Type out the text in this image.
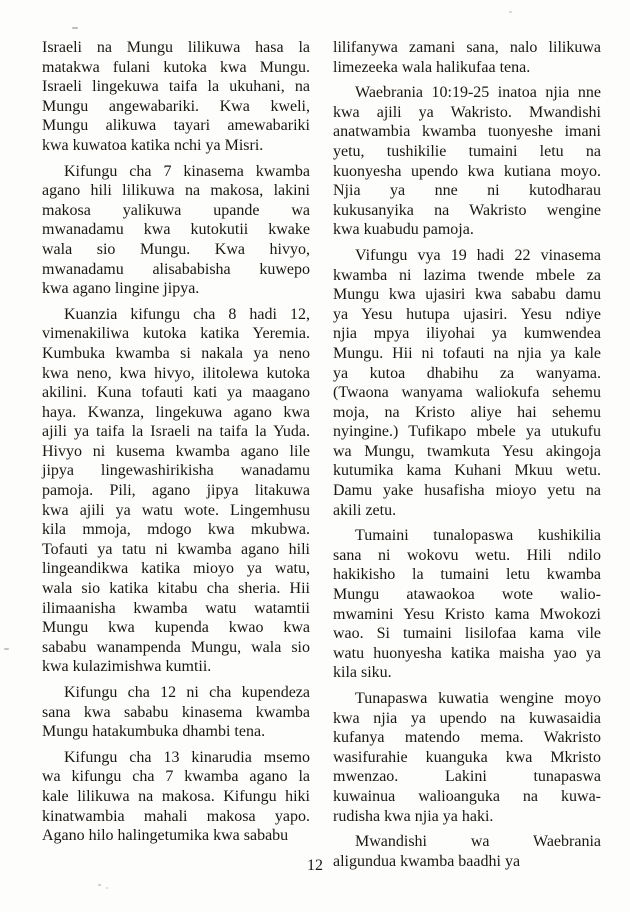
Israeli na Mungu lilikuwa hasa la
matakwa fulani kutoka kwa Mungu.
Israeli lingekuwa taifa la ukuhani, na
Mungu angewabariki. Kwa kweli,
Mungu alikuwa tayari amewabariki
kwa kuwatoa katika nchi ya Misri.
Kifungu cha 7 kinasema kwamba
agano hili lilikuwa na makosa, lakini
makosa yalikuwa upande wa
mwanadamu kwa kutokutii kwake
wala sio Mungu. Kwa hivyo,
mwanadamu alisababisha kuwepo
kwa agano lingine jipya.
Kuanzia kifungu cha 8 hadi 12,
vimenakiliwa kutoka katika Yeremia.
Kumbuka kwamba si nakala ya neno
kwa neno, kwa hivyo, ilitolewa kutoka
akilini. Kuna tofauti kati ya maagano
haya. Kwanza, lingekuwa agano kwa
ajili ya taifa la Israeli na taifa la Yuda.
Hivyo ni kusema kwamba agano lile
jipya lingewashirikisha wanadamu
pamoja. Pili, agano jipya litakuwa
kwa ajili ya watu wote. Lingemhusu
kila mmoja, mdogo kwa mkubwa.
Tofauti ya tatu ni kwamba agano hili
lingeandikwa katika mioyo ya watu,
wala sio katika kitabu cha sheria. Hii
ilimaanisha kwamba watu watamtii
Mungu kwa kupenda kwao kwa
sababu wanampenda Mungu, wala sio
kwa kulazimishwa kumtii.
Kifungu cha 12 ni cha kupendeza
sana kwa sababu kinasema kwamba
Mungu hatakumbuka dhambi tena.
Kifungu cha 13 kinarudia msemo
wa kifungu cha 7 kwamba agano la
kale lilikuwa na makosa. Kifungu hiki
kinatwambia mahali makosa yapo.
Agano hilo halingetumika kwa sababu
lilifanywa zamani sana, nalo lilikuwa
limezeeka wala halikufaa tena.
Waebrania 10:19-25 inatoa njia nne
kwa ajili ya Wakristo. Mwandishi
anatwambia kwamba tuonyeshe imani
yetu, tushikilie tumaini letu na
kuonyesha upendo kwa kutiana moyo.
Njia ya nne ni kutodharau
kukusanyika na Wakristo wengine
kwa kuabudu pamoja.
Vifungu vya 19 hadi 22 vinasema
kwamba ni lazima twende mbele za
Mungu kwa ujasiri kwa sababu damu
ya Yesu hutupa ujasiri. Yesu ndiye
njia mpya iliyohai ya kumwendea
Mungu. Hii ni tofauti na njia ya kale
ya kutoa dhabihu za wanyama.
(Twaona wanyama waliokufa sehemu
moja, na Kristo aliye hai sehemu
nyingine.) Tufikapo mbele ya utukufu
wa Mungu, twamkuta Yesu akingoja
kutumika kama Kuhani Mkuu wetu.
Damu yake husafisha mioyo yetu na
akili zetu.
Tumaini tunalopaswa kushikilia
sana ni wokovu wetu. Hili ndilo
hakikisho la tumaini letu kwamba
Mungu atawaokoa wote walio-
mwamini Yesu Kristo kama Mwokozi
wao. Si tumaini lisilofaa kama vile
watu huonyesha katika maisha yao ya
kila siku.
Tunapaswa kuwatia wengine moyo
kwa njia ya upendo na kuwasaidia
kufanya matendo mema. Wakristo
wasifurahie kuanguka kwa Mkristo
mwenzao. Lakini tunapaswa
kuwainua walioanguka na kuwa-
rudisha kwa njia ya haki.
Mwandishi wa Waebrania
aligundua kwamba baadhi ya
12
